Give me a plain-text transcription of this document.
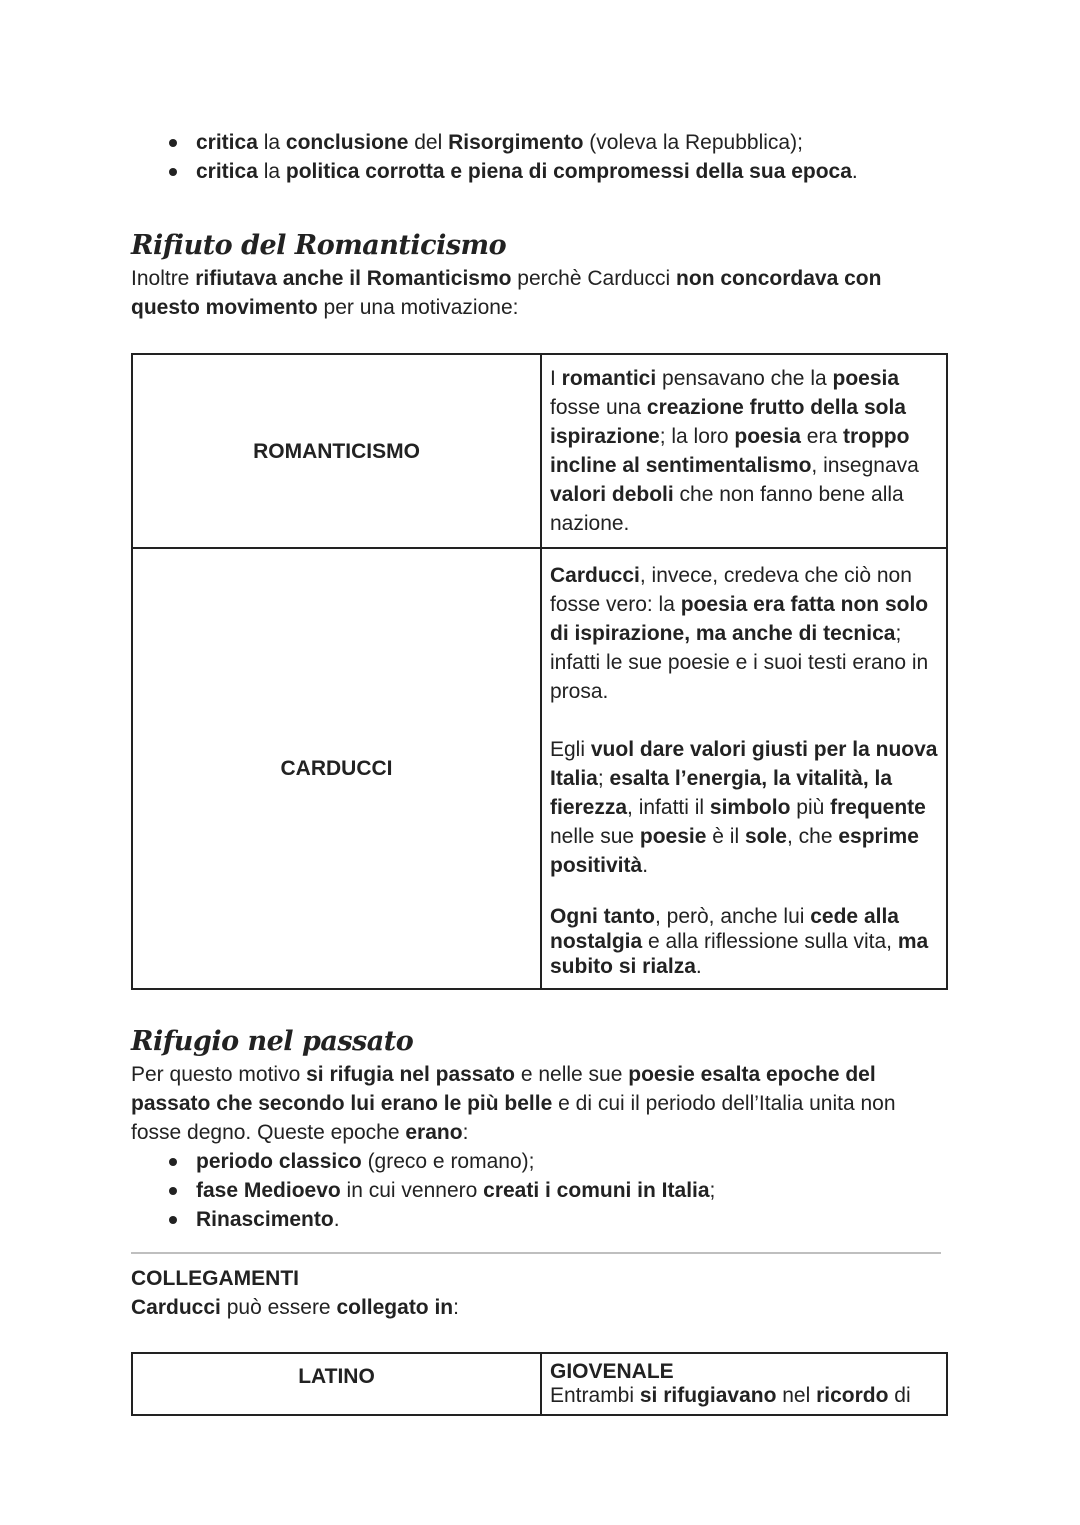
critica la conclusione del Risorgimento (voleva la Repubblica);
critica la politica corrotta e piena di compromessi della sua epoca.
Rifiuto del Romanticismo

Inoltre rifiutava anche il Romanticismo perchè Carducci non concordava con questo movimento per una motivazione:

ROMANTICISMO	I romantici pensavano che la poesia fosse una creazione frutto della sola ispirazione; la loro poesia era troppo incline al sentimentalismo, insegnava valori deboli che non fanno bene alla nazione.

CARDUCCI	Carducci, invece, credeva che ciò non fosse vero: la poesia era fatta non solo di ispirazione, ma anche di tecnica; infatti le sue poesie e i suoi testi erano in prosa.

Egli vuol dare valori giusti per la nuova Italia; esalta l’energia, la vitalità, la fierezza, infatti il simbolo più frequente nelle sue poesie è il sole, che esprime positività.

Ogni tanto, però, anche lui cede alla nostalgia e alla riflessione sulla vita, ma subito si rialza.

Rifugio nel passato

Per questo motivo si rifugia nel passato e nelle sue poesie esalta epoche del passato che secondo lui erano le più belle e di cui il periodo dell’Italia unita non fosse degno. Queste epoche erano:

periodo classico (greco e romano);
fase Medioevo in cui vennero creati i comuni in Italia;
Rinascimento.

COLLEGAMENTI

Carducci può essere collegato in:

LATINO	GIOVENALE

Entrambi si rifugiavano nel ricordo di
